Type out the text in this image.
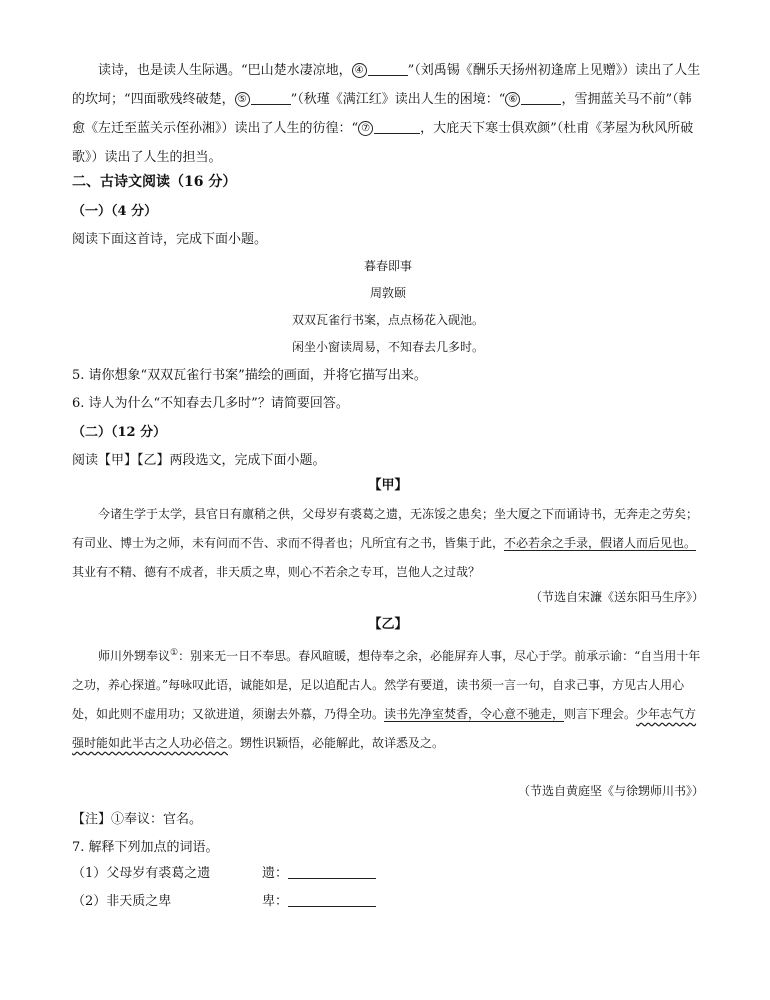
读诗，也是读人生际遇。“巴山楚水凄凉地， ④	”（刘禹锡《酬乐天扬州初逢席上见赠》）读出了人生的坎坷；“四面歌残终破楚， ⑤	”（秋瑾《满江红》读出人生的困境：“ ⑥	，雪拥蓝关马不前”（韩愈《左迁至蓝关示侄孙湘》）读出了人生的彷徨：“ ⑦	，大庇天下寒士俱欢颜”（杜甫《茅屋为秋风所破歌》）读出了人生的担当。
二、古诗文阅读（16 分）
（一）（4 分）
阅读下面这首诗，完成下面小题。
暮春即事
周敦颐
双双瓦雀行书案，点点杨花入砚池。
闲坐小窗读周易，不知春去几多时。
5. 请你想象“双双瓦雀行书案”描绘的画面，并将它描写出来。
6. 诗人为什么“不知春去几多时”？请简要回答。
（二）（12 分）
阅读【甲】【乙】两段选文，完成下面小题。
【甲】
今诸生学于太学，县官日有廪稍之供，父母岁有裘葛之遗，无冻馁之患矣；坐大厦之下而诵诗书，无奔走之劳矣；有司业、博士为之师，未有问而不告、求而不得者也；凡所宜有之书，皆集于此，不必若余之手录，假诸人而后见也。其业有不精、德有不成者，非天质之卑，则心不若余之专耳，岂他人之过哉？
（节选自宋濂《送东阳马生序》）
【乙】
师川外甥奉议①：别来无一日不奉思。春风暄暖，想侍奉之余，必能屏弃人事，尽心于学。前承示谕：“自当用十年之功，养心探道。”每咏叹此语，诚能如是，足以追配古人。然学有要道，读书须一言一句，自求己事，方见古人用心处，如此则不虚用功；又欲进道，须谢去外慕，乃得全功。读书先净室焚香，令心意不驰走，则言下理会。少年志气方强时能如此半古之人功必倍之。甥性识颖悟，必能解此，故详悉及之。
（节选自黄庭坚《与徐甥师川书》）
【注】①奉议：官名。
7. 解释下列加点的词语。
（1）父母岁有裘葛之遗	遗：
（2）非天质之卑	卑：
